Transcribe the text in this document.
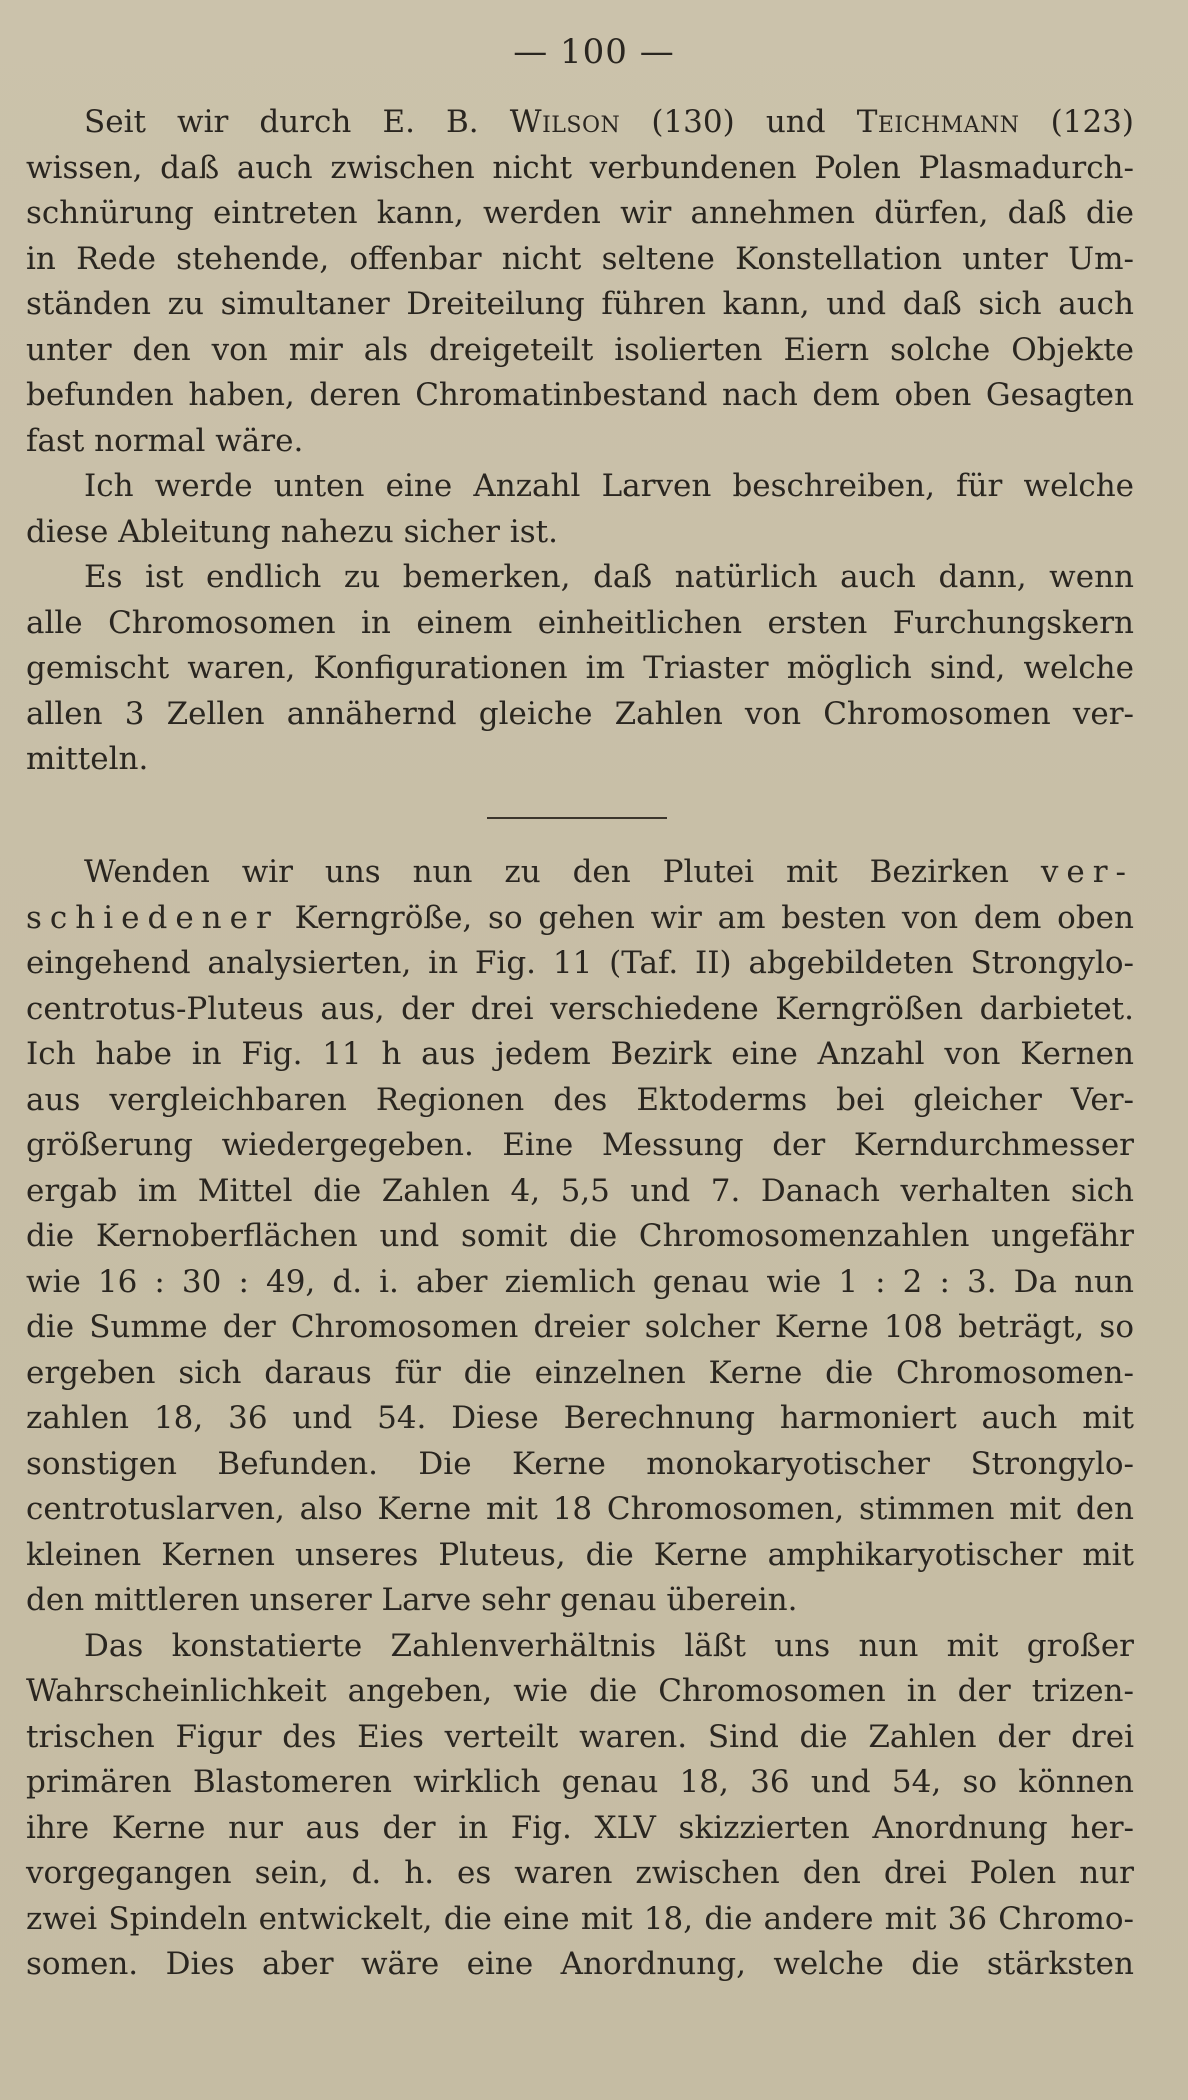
— 100 —
Seit wir durch E. B. Wilson (130) und Teichmann (123)
wissen, daß auch zwischen nicht verbundenen Polen Plasmadurch-
schnürung eintreten kann, werden wir annehmen dürfen, daß die
in Rede stehende, offenbar nicht seltene Konstellation unter Um-
ständen zu simultaner Dreiteilung führen kann, und daß sich auch
unter den von mir als dreigeteilt isolierten Eiern solche Objekte
befunden haben, deren Chromatinbestand nach dem oben Gesagten
fast normal wäre.
Ich werde unten eine Anzahl Larven beschreiben, für welche
diese Ableitung nahezu sicher ist.
Es ist endlich zu bemerken, daß natürlich auch dann, wenn
alle Chromosomen in einem einheitlichen ersten Furchungskern
gemischt waren, Konfigurationen im Triaster möglich sind, welche
allen 3 Zellen annähernd gleiche Zahlen von Chromosomen ver-
mitteln.
Wenden wir uns nun zu den Plutei mit Bezirken ver-
schiedener Kerngröße, so gehen wir am besten von dem oben
eingehend analysierten, in Fig. 11 (Taf. II) abgebildeten Strongylo-
centrotus-Pluteus aus, der drei verschiedene Kerngrößen darbietet.
Ich habe in Fig. 11 h aus jedem Bezirk eine Anzahl von Kernen
aus vergleichbaren Regionen des Ektoderms bei gleicher Ver-
größerung wiedergegeben. Eine Messung der Kerndurchmesser
ergab im Mittel die Zahlen 4, 5,5 und 7. Danach verhalten sich
die Kernoberflächen und somit die Chromosomenzahlen ungefähr
wie 16 : 30 : 49, d. i. aber ziemlich genau wie 1 : 2 : 3. Da nun
die Summe der Chromosomen dreier solcher Kerne 108 beträgt, so
ergeben sich daraus für die einzelnen Kerne die Chromosomen-
zahlen 18, 36 und 54. Diese Berechnung harmoniert auch mit
sonstigen Befunden. Die Kerne monokaryotischer Strongylo-
centrotuslarven, also Kerne mit 18 Chromosomen, stimmen mit den
kleinen Kernen unseres Pluteus, die Kerne amphikaryotischer mit
den mittleren unserer Larve sehr genau überein.
Das konstatierte Zahlenverhältnis läßt uns nun mit großer
Wahrscheinlichkeit angeben, wie die Chromosomen in der trizen-
trischen Figur des Eies verteilt waren. Sind die Zahlen der drei
primären Blastomeren wirklich genau 18, 36 und 54, so können
ihre Kerne nur aus der in Fig. XLV skizzierten Anordnung her-
vorgegangen sein, d. h. es waren zwischen den drei Polen nur
zwei Spindeln entwickelt, die eine mit 18, die andere mit 36 Chromo-
somen. Dies aber wäre eine Anordnung, welche die stärksten
